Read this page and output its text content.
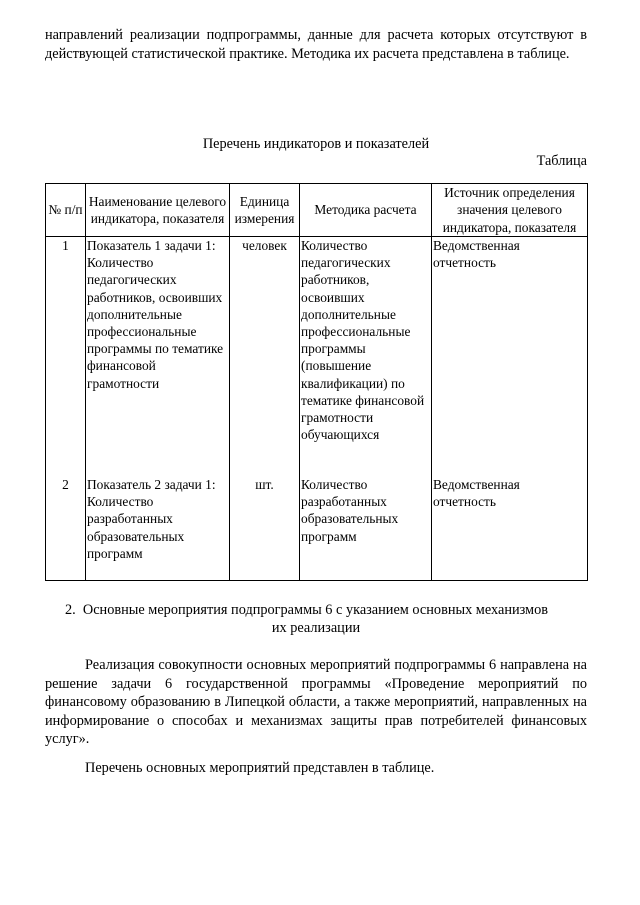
направлений реализации подпрограммы, данные для расчета которых отсутствуют в действующей статистической практике. Методика их расчета представлена в таблице.
Перечень индикаторов и показателей
Таблица
№ п/п	Наименование целевого индикатора, показателя	Единица измерения	Методика расчета	Источник определения значения целевого индикатора, показателя
1	Показатель 1 задачи 1: Количество педагогических работников, освоивших дополнительные профессиональные программы по тематике финансовой грамотности	человек	Количество педагогических работников, освоивших дополнительные профессиональные программы (повышение квалификации) по тематике финансовой грамотности обучающихся	Ведомственная отчетность
2	Показатель 2 задачи 1: Количество разработанных образовательных программ	шт.	Количество разработанных образовательных программ	Ведомственная отчетность
2. Основные мероприятия подпрограммы 6 с указанием основных механизмов
их реализации
Реализация совокупности основных мероприятий подпрограммы 6 направлена на решение задачи 6 государственной программы «Проведение мероприятий по финансовому образованию в Липецкой области, а также мероприятий, направленных на информирование о способах и механизмах защиты прав потребителей финансовых услуг».
Перечень основных мероприятий представлен в таблице.
